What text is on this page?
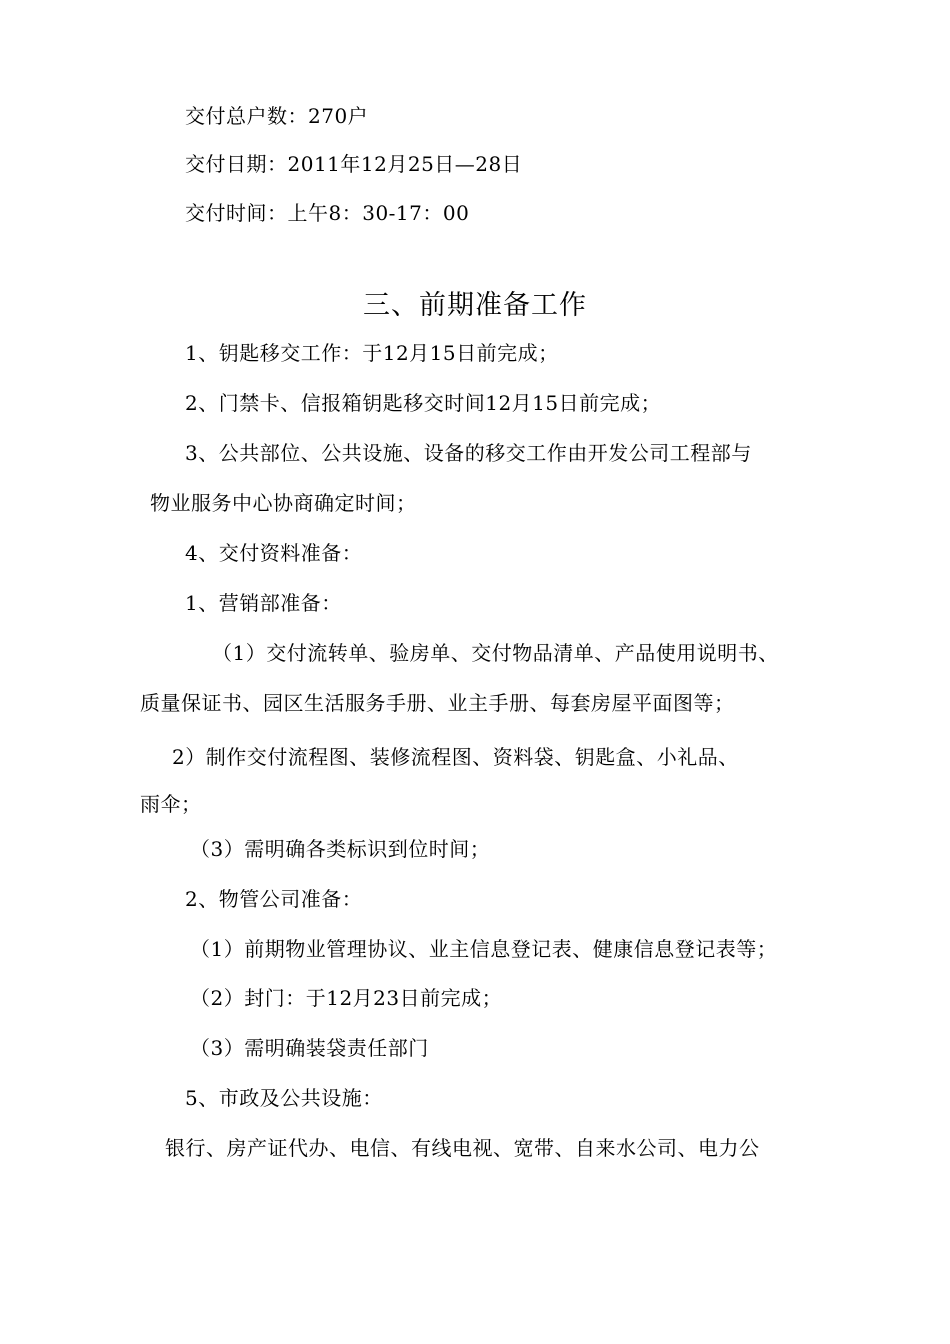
交付总户数：270户
交付日期：2011年12月25日—28日
交付时间：上午8：30-17：00
三、前期准备工作
1、钥匙移交工作：于12月15日前完成；
2、门禁卡、信报箱钥匙移交时间12月15日前完成；
3、公共部位、公共设施、设备的移交工作由开发公司工程部与
物业服务中心协商确定时间；
4、交付资料准备：
1、营销部准备：
（1）交付流转单、验房单、交付物品清单、产品使用说明书、
质量保证书、园区生活服务手册、业主手册、每套房屋平面图等；
2）制作交付流程图、装修流程图、资料袋、钥匙盒、小礼品、
雨伞；
（3）需明确各类标识到位时间；
2、物管公司准备：
（1）前期物业管理协议、业主信息登记表、健康信息登记表等；
（2）封门：于12月23日前完成；
（3）需明确装袋责任部门
5、市政及公共设施：
银行、房产证代办、电信、有线电视、宽带、自来水公司、电力公
